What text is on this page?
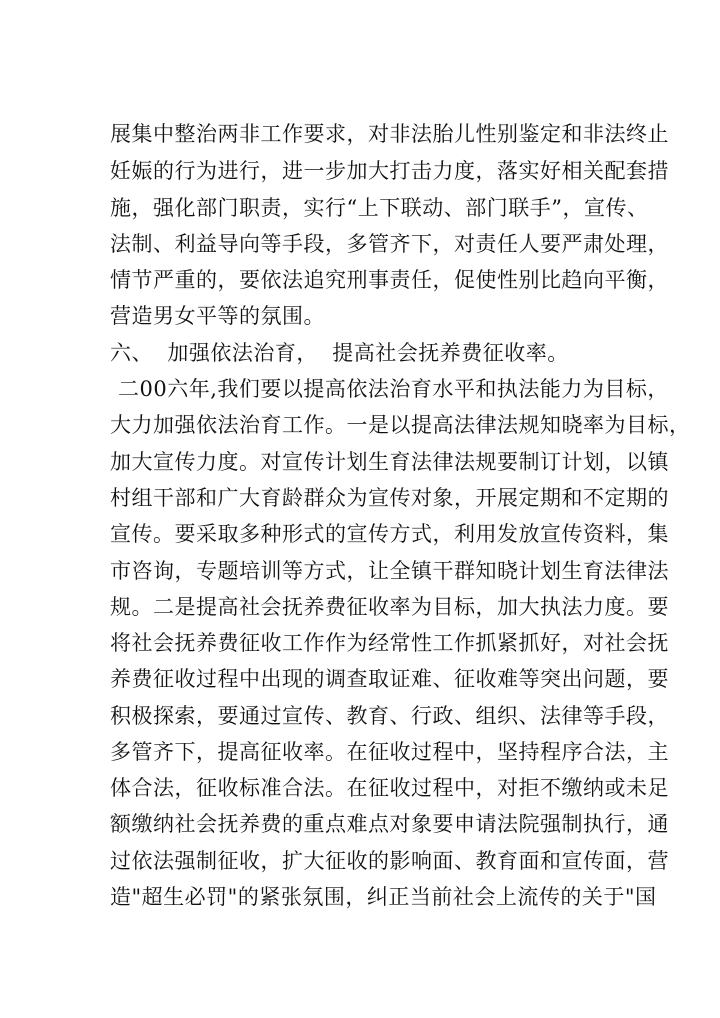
展集中整治两非工作要求，对非法胎儿性别鉴定和非法终止
妊娠的行为进行，进一步加大打击力度，落实好相关配套措
施，强化部门职责，实行“上下联动、部门联手”，宣传、
法制、利益导向等手段，多管齐下，对责任人要严肃处理，
情节严重的，要依法追究刑事责任，促使性别比趋向平衡，
营造男女平等的氛围。
六、  加强依法治育，  提高社会抚养费征收率。
二00六年,我们要以提高依法治育水平和执法能力为目标，
大力加强依法治育工作。一是以提高法律法规知晓率为目标，
加大宣传力度。对宣传计划生育法律法规要制订计划，以镇
村组干部和广大育龄群众为宣传对象，开展定期和不定期的
宣传。要采取多种形式的宣传方式，利用发放宣传资料，集
市咨询，专题培训等方式，让全镇干群知晓计划生育法律法
规。二是提高社会抚养费征收率为目标，加大执法力度。要
将社会抚养费征收工作作为经常性工作抓紧抓好，对社会抚
养费征收过程中出现的调查取证难、征收难等突出问题，要
积极探索，要通过宣传、教育、行政、组织、法律等手段，
多管齐下，提高征收率。在征收过程中，坚持程序合法，主
体合法，征收标准合法。在征收过程中，对拒不缴纳或未足
额缴纳社会抚养费的重点难点对象要申请法院强制执行，通
过依法强制征收，扩大征收的影响面、教育面和宣传面，营
造"超生必罚"的紧张氛围，纠正当前社会上流传的关于"国
